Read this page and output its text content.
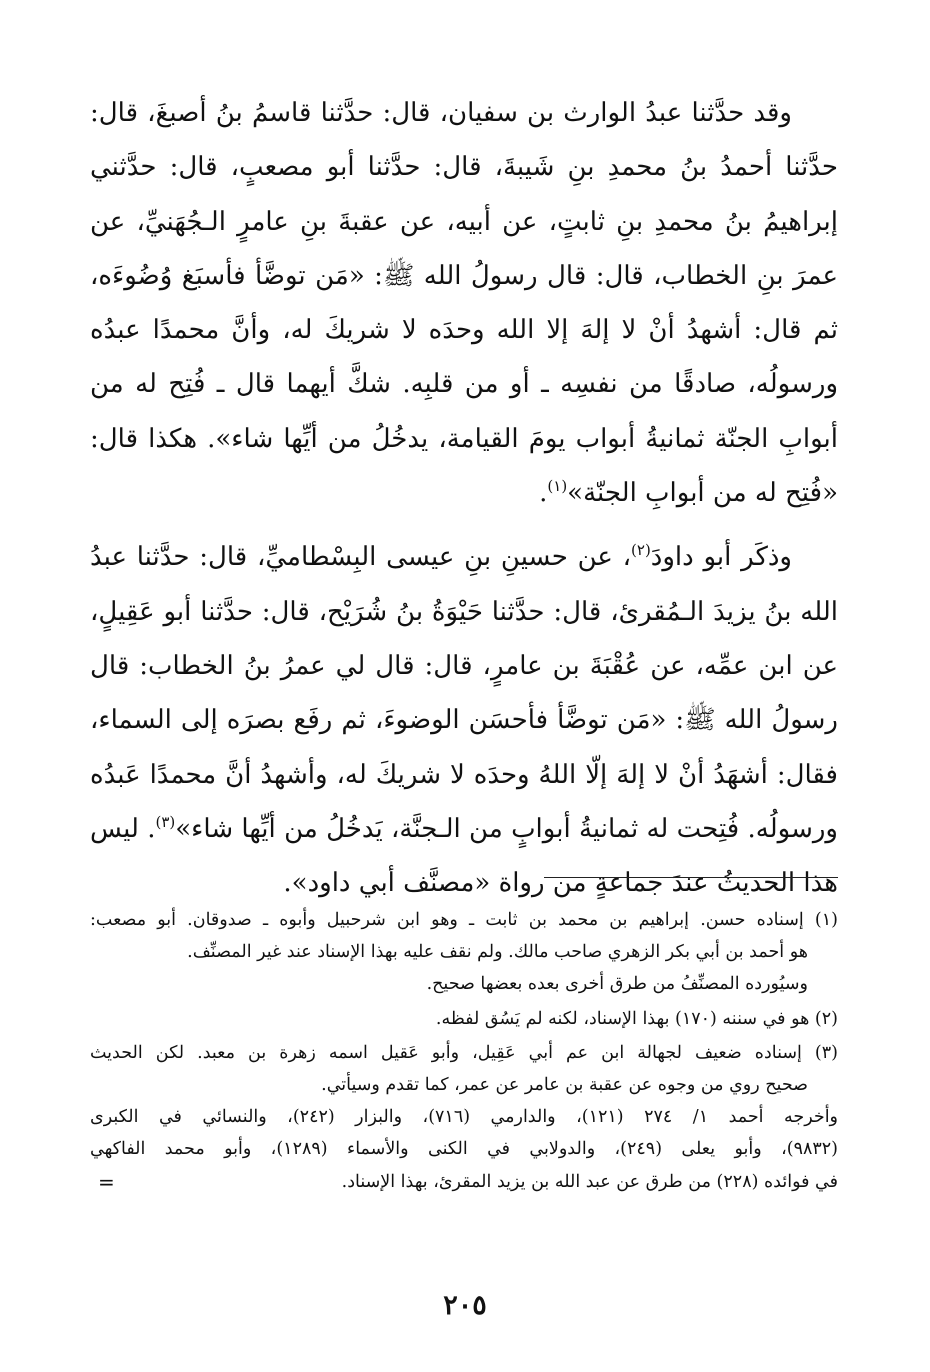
وقد حدَّثنا عبدُ الوارث بن سفيان، قال: حدَّثنا قاسمُ بنُ أصبغَ، قال: حدَّثنا أحمدُ بنُ محمدِ بنِ شَيبةَ، قال: حدَّثنا أبو مصعبٍ، قال: حدَّثني إبراهيمُ بنُ محمدِ بنِ ثابتٍ، عن أبيه، عن عقبةَ بنِ عامرٍ الـجُهَنيِّ، عن عمرَ بنِ الخطاب، قال: قال رسولُ الله ﷺ: «مَن توضَّأ فأسبَغ وُضُوءَه، ثم قال: أشهدُ أنْ لا إلهَ إلا الله وحدَه لا شريكَ له، وأنَّ محمدًا عبدُه ورسولُه، صادقًا من نفسِه ـ أو من قلبِه. شكَّ أيهما قال ـ فُتِح له من أبوابِ الجنّة ثمانيةُ أبواب يومَ القيامة، يدخُلُ من أيِّها شاء». هكذا قال: «فُتِح له من أبوابِ الجنّة»$^{(١)}$.

وذكَر أبو داودَ$^{(٢)}$، عن حسينِ بنِ عيسى البِسْطاميِّ، قال: حدَّثنا عبدُ الله بنُ يزيدَ الـمُقرئ، قال: حدَّثنا حَيْوَةُ بنُ شُرَيْح، قال: حدَّثنا أبو عَقِيلٍ، عن ابن عمِّه، عن عُقْبَةَ بن عامرٍ، قال: قال لي عمرُ بنُ الخطاب: قال رسولُ الله ﷺ: «مَن توضَّأ فأحسَن الوضوءَ، ثم رفَع بصرَه إلى السماء، فقال: أشهَدُ أنْ لا إلهَ إلّا اللهُ وحدَه لا شريكَ له، وأشهدُ أنَّ محمدًا عَبدُه ورسولُه. فُتِحت له ثمانيةُ أبوابٍ من الـجنَّة، يَدخُلُ من أيِّها شاء»$^{(٣)}$. ليس هذا الحديثُ عندَ جماعةٍ من رواة «مصنَّف أبي داود».

(١) إسناده حسن. إبراهيم بن محمد بن ثابت ـ وهو ابن شرحبيل وأبوه ـ صدوقان. أبو مصعب:
هو أحمد بن أبي بكر الزهري صاحب مالك. ولم نقف عليه بهذا الإسناد عند غير المصنِّف.
وسيُورده المصنِّفُ من طرق أخرى بعده بعضها صحيح.
(٢) هو في سننه (١٧٠) بهذا الإسناد، لكنه لم يَسُق لفظه.
(٣) إسناده ضعيف لجهالة ابن عم أبي عَقِيل، وأبو عَقيل اسمه زهرة بن معبد. لكن الحديث
صحيح روي من وجوه عن عقبة بن عامر عن عمر، كما تقدم وسيأتي.
وأخرجه أحمد ١/ ٢٧٤ (١٢١)، والدارمي (٧١٦)، والبزار (٢٤٢)، والنسائي في الكبرى
(٩٨٣٢)، وأبو يعلى (٢٤٩)، والدولابي في الكنى والأسماء (١٢٨٩)، وأبو محمد الفاكهي
في فوائده (٢٢٨) من طرق عن عبد الله بن يزيد المقرئ، بهذا الإسناد.
=
٢٠٥
